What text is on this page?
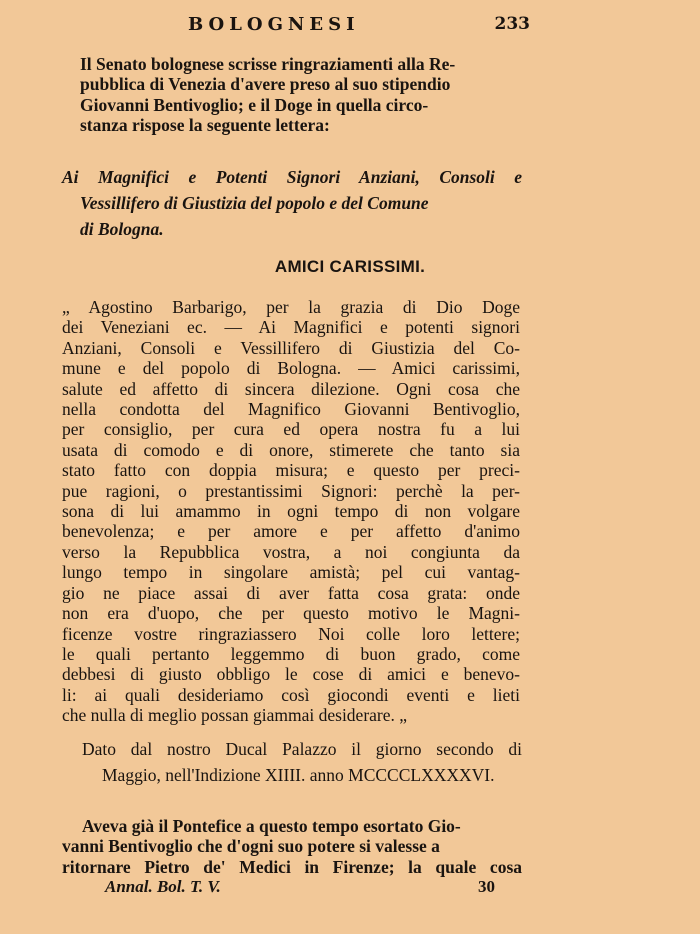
BOLOGNESI	233

Il Senato bolognese scrisse ringraziamenti alla Re-
pubblica di Venezia d'avere preso al suo stipendio
Giovanni Bentivoglio; e il Doge in quella circo-
stanza rispose la seguente lettera:

Ai Magnifici e Potenti Signori Anziani, Consoli e
Vessillifero di Giustizia del popolo e del Comune
di Bologna.

AMICI CARISSIMI.

„ Agostino Barbarigo, per la grazia di Dio Doge
dei Veneziani ec. — Ai Magnifici e potenti signori
Anziani, Consoli e Vessillifero di Giustizia del Co-
mune e del popolo di Bologna. — Amici carissimi,
salute ed affetto di sincera dilezione. Ogni cosa che
nella condotta del Magnifico Giovanni Bentivoglio,
per consiglio, per cura ed opera nostra fu a lui
usata di comodo e di onore, stimerete che tanto sia
stato fatto con doppia misura; e questo per preci-
pue ragioni, o prestantissimi Signori: perchè la per-
sona di lui amammo in ogni tempo di non volgare
benevolenza; e per amore e per affetto d'animo
verso la Repubblica vostra, a noi congiunta da
lungo tempo in singolare amistà; pel cui vantag-
gio ne piace assai di aver fatta cosa grata: onde
non era d'uopo, che per questo motivo le Magni-
ficenze vostre ringraziassero Noi colle loro lettere;
le quali pertanto leggemmo di buon grado, come
debbesi di giusto obbligo le cose di amici e benevo-
li: ai quali desideriamo così giocondi eventi e lieti
che nulla di meglio possan giammai desiderare. „

Dato dal nostro Ducal Palazzo il giorno secondo di
Maggio, nell'Indizione XIIII. anno MCCCCLXXXXVI.

Aveva già il Pontefice a questo tempo esortato Gio-
vanni Bentivoglio che d'ogni suo potere si valesse a
ritornare Pietro de' Medici in Firenze; la quale cosa

Annal. Bol. T. V.	30
